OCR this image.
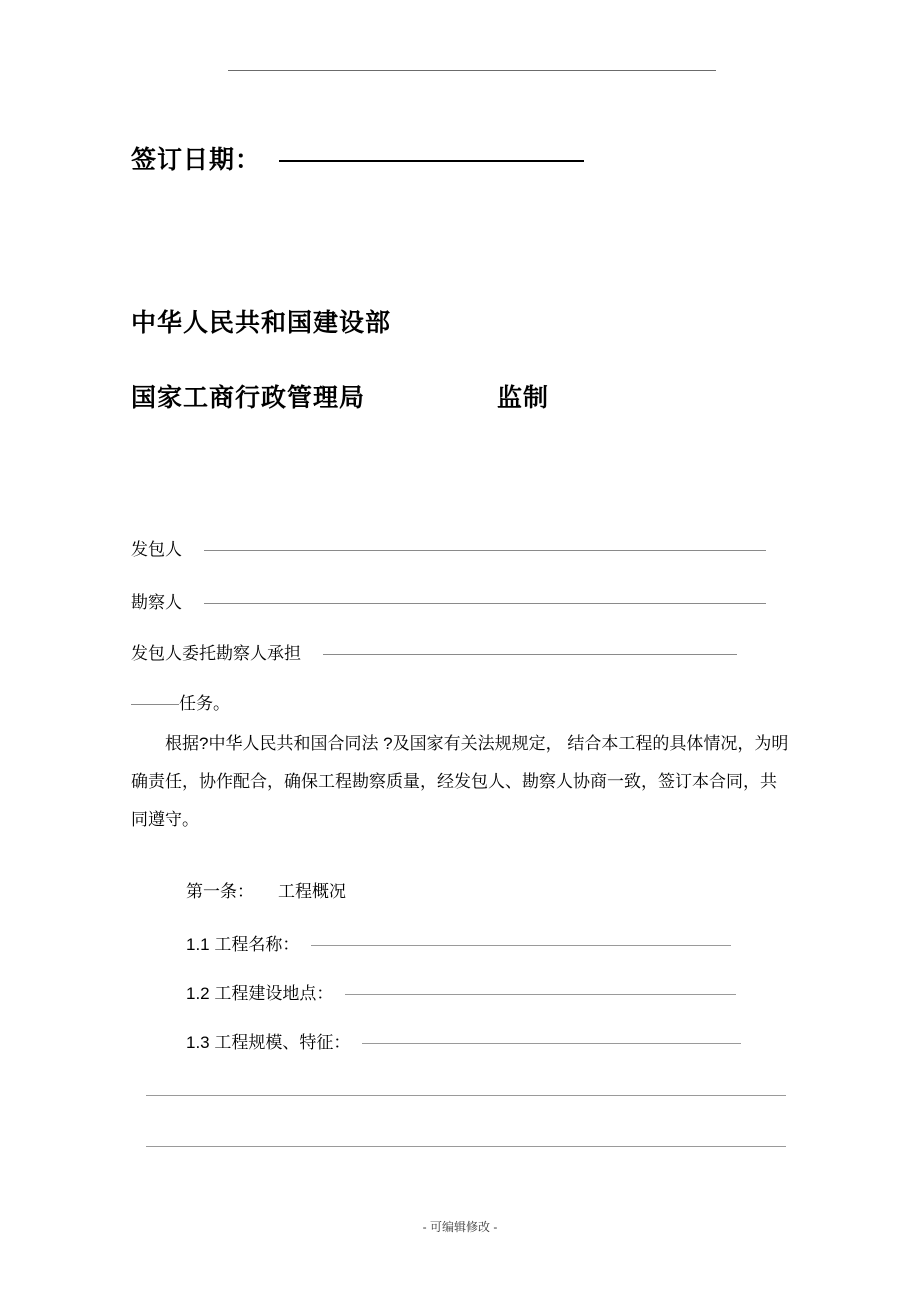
签订日期：
中华人民共和国建设部
国家工商行政管理局	监制
发包人
勘察人
发包人委托勘察人承担
任务。
根据?中华人民共和国合同法 ?及国家有关法规规定， 结合本工程的具体情况，为明确责任，协作配合，确保工程勘察质量，经发包人、勘察人协商一致，签订本合同，共同遵守。
第一条： 工程概况
1.1 工程名称：
1.2 工程建设地点：
1.3 工程规模、特征：
- 可编辑修改 -
